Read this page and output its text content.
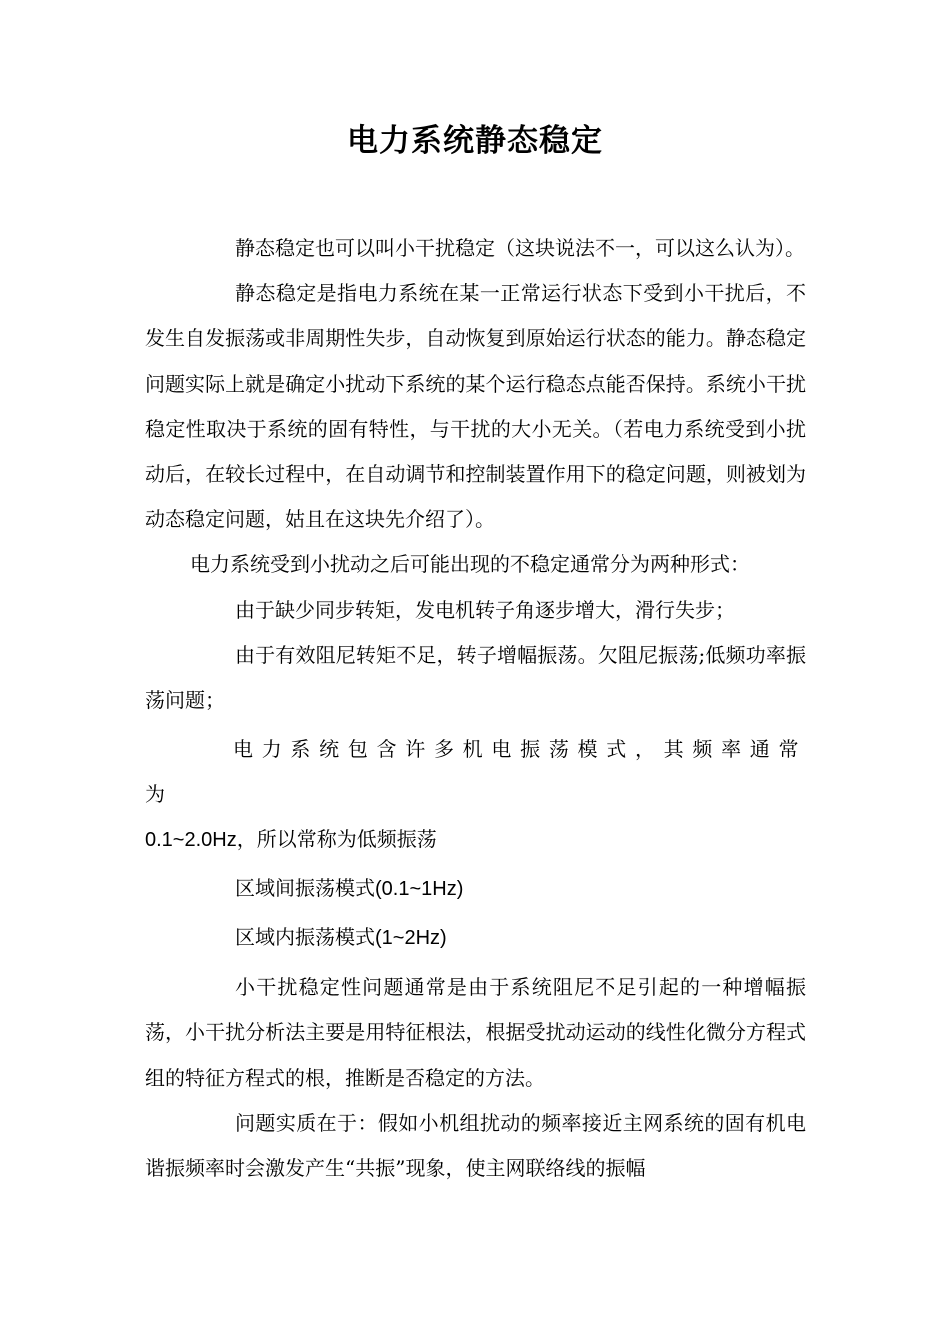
电力系统静态稳定

静态稳定也可以叫小干扰稳定（这块说法不一，可以这么认为）。

静态稳定是指电力系统在某一正常运行状态下受到小干扰后，不发生自发振荡或非周期性失步，自动恢复到原始运行状态的能力。静态稳定问题实际上就是确定小扰动下系统的某个运行稳态点能否保持。系统小干扰稳定性取决于系统的固有特性，与干扰的大小无关。（若电力系统受到小扰动后，在较长过程中，在自动调节和控制装置作用下的稳定问题，则被划为动态稳定问题，姑且在这块先介绍了）。

电力系统受到小扰动之后可能出现的不稳定通常分为两种形式：

由于缺少同步转矩，发电机转子角逐步增大，滑行失步；

由于有效阻尼转矩不足，转子增幅振荡。欠阻尼振荡;低频功率振荡问题；

电力系统包含许多机电振荡模式，其频率通常为

0.1~2.0Hz，所以常称为低频振荡

区域间振荡模式(0.1~1Hz)

区域内振荡模式(1~2Hz)

小干扰稳定性问题通常是由于系统阻尼不足引起的一种增幅振荡，小干扰分析法主要是用特征根法，根据受扰动运动的线性化微分方程式组的特征方程式的根，推断是否稳定的方法。

问题实质在于：假如小机组扰动的频率接近主网系统的固有机电谐振频率时会激发产生“共振”现象，使主网联络线的振幅
